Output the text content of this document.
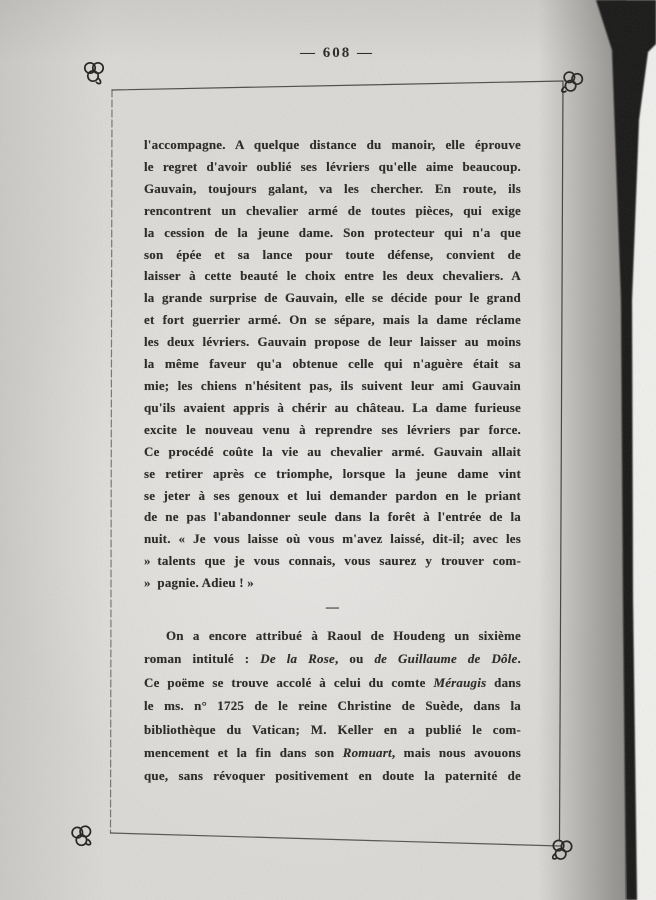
— 608 —
l'accompagne. A quelque distance du manoir, elle éprouve
le regret d'avoir oublié ses lévriers qu'elle aime beaucoup.
Gauvain, toujours galant, va les chercher. En route, ils
rencontrent un chevalier armé de toutes pièces, qui exige
la cession de la jeune dame. Son protecteur qui n'a que
son épée et sa lance pour toute défense, convient de
laisser à cette beauté le choix entre les deux chevaliers. A
la grande surprise de Gauvain, elle se décide pour le grand
et fort guerrier armé. On se sépare, mais la dame réclame
les deux lévriers. Gauvain propose de leur laisser au moins
la même faveur qu'a obtenue celle qui n'aguère était sa
mie; les chiens n'hésitent pas, ils suivent leur ami Gauvain
qu'ils avaient appris à chérir au château. La dame furieuse
excite le nouveau venu à reprendre ses lévriers par force.
Ce procédé coûte la vie au chevalier armé. Gauvain allait
se retirer après ce triomphe, lorsque la jeune dame vint
se jeter à ses genoux et lui demander pardon en le priant
de ne pas l'abandonner seule dans la forêt à l'entrée de la
nuit. « Je vous laisse où vous m'avez laissé, dit-il; avec les
» talents que je vous connais, vous saurez y trouver com-
» pagnie. Adieu ! »
—
On a encore attribué à Raoul de Houdeng un sixième
roman intitulé : De la Rose, ou de Guillaume de Dôle.
Ce poëme se trouve accolé à celui du comte Méraugis dans
le ms. n° 1725 de le reine Christine de Suède, dans la
bibliothèque du Vatican; M. Keller en a publié le com-
mencement et la fin dans son Romuart, mais nous avouons
que, sans révoquer positivement en doute la paternité de
